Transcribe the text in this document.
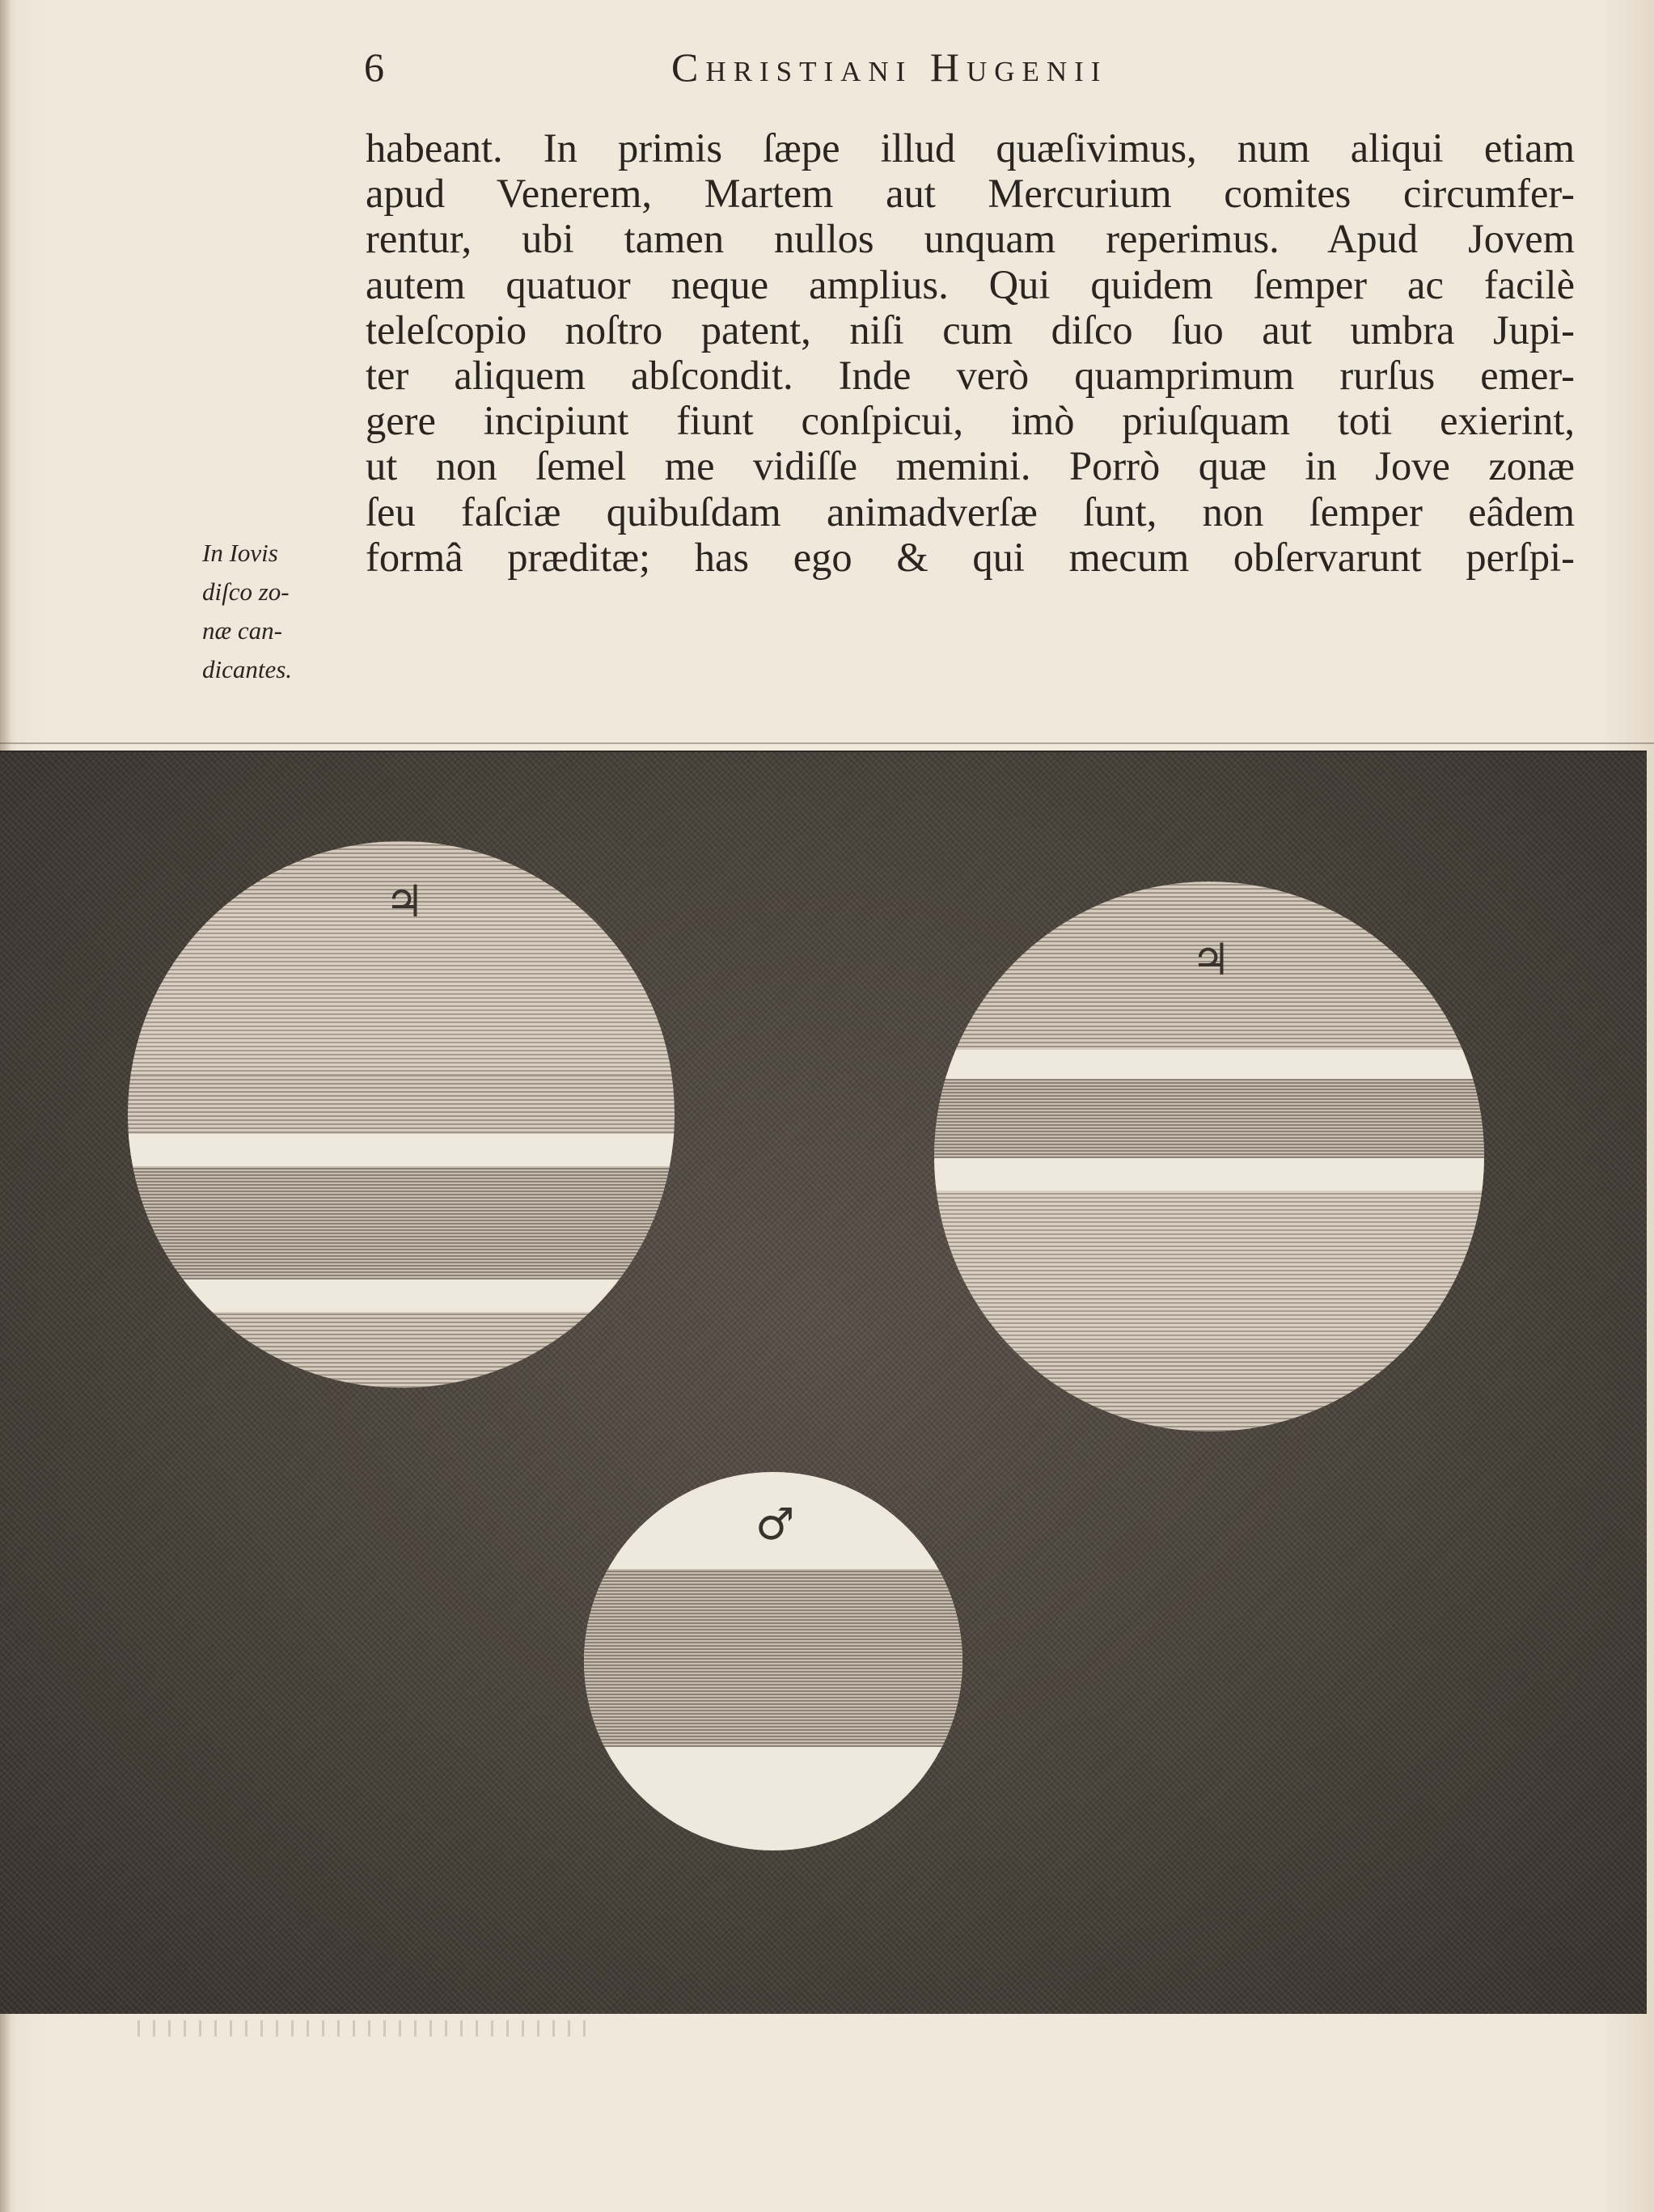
6	Christiani Hugenii
habeant. In primis ſæpe illud quæſivimus, num aliqui etiam
apud Venerem, Martem aut Mercurium comites circumfer-
rentur, ubi tamen nullos unquam reperimus. Apud Jovem
autem quatuor neque amplius. Qui quidem ſemper ac facilè
teleſcopio noſtro patent, niſi cum diſco ſuo aut umbra Jupi-
ter aliquem abſcondit. Inde verò quamprimum rurſus emer-
gere incipiunt fiunt conſpicui, imò priuſquam toti exierint,
ut non ſemel me vidiſſe memini. Porrò quæ in Jove zonæ
ſeu faſciæ quibuſdam animadverſæ ſunt, non ſemper eâdem
formâ præditæ; has ego & qui mecum obſervarunt perſpi-
In Iovis
diſco zo-
næ can-
dicantes.
♃
♃
♂
